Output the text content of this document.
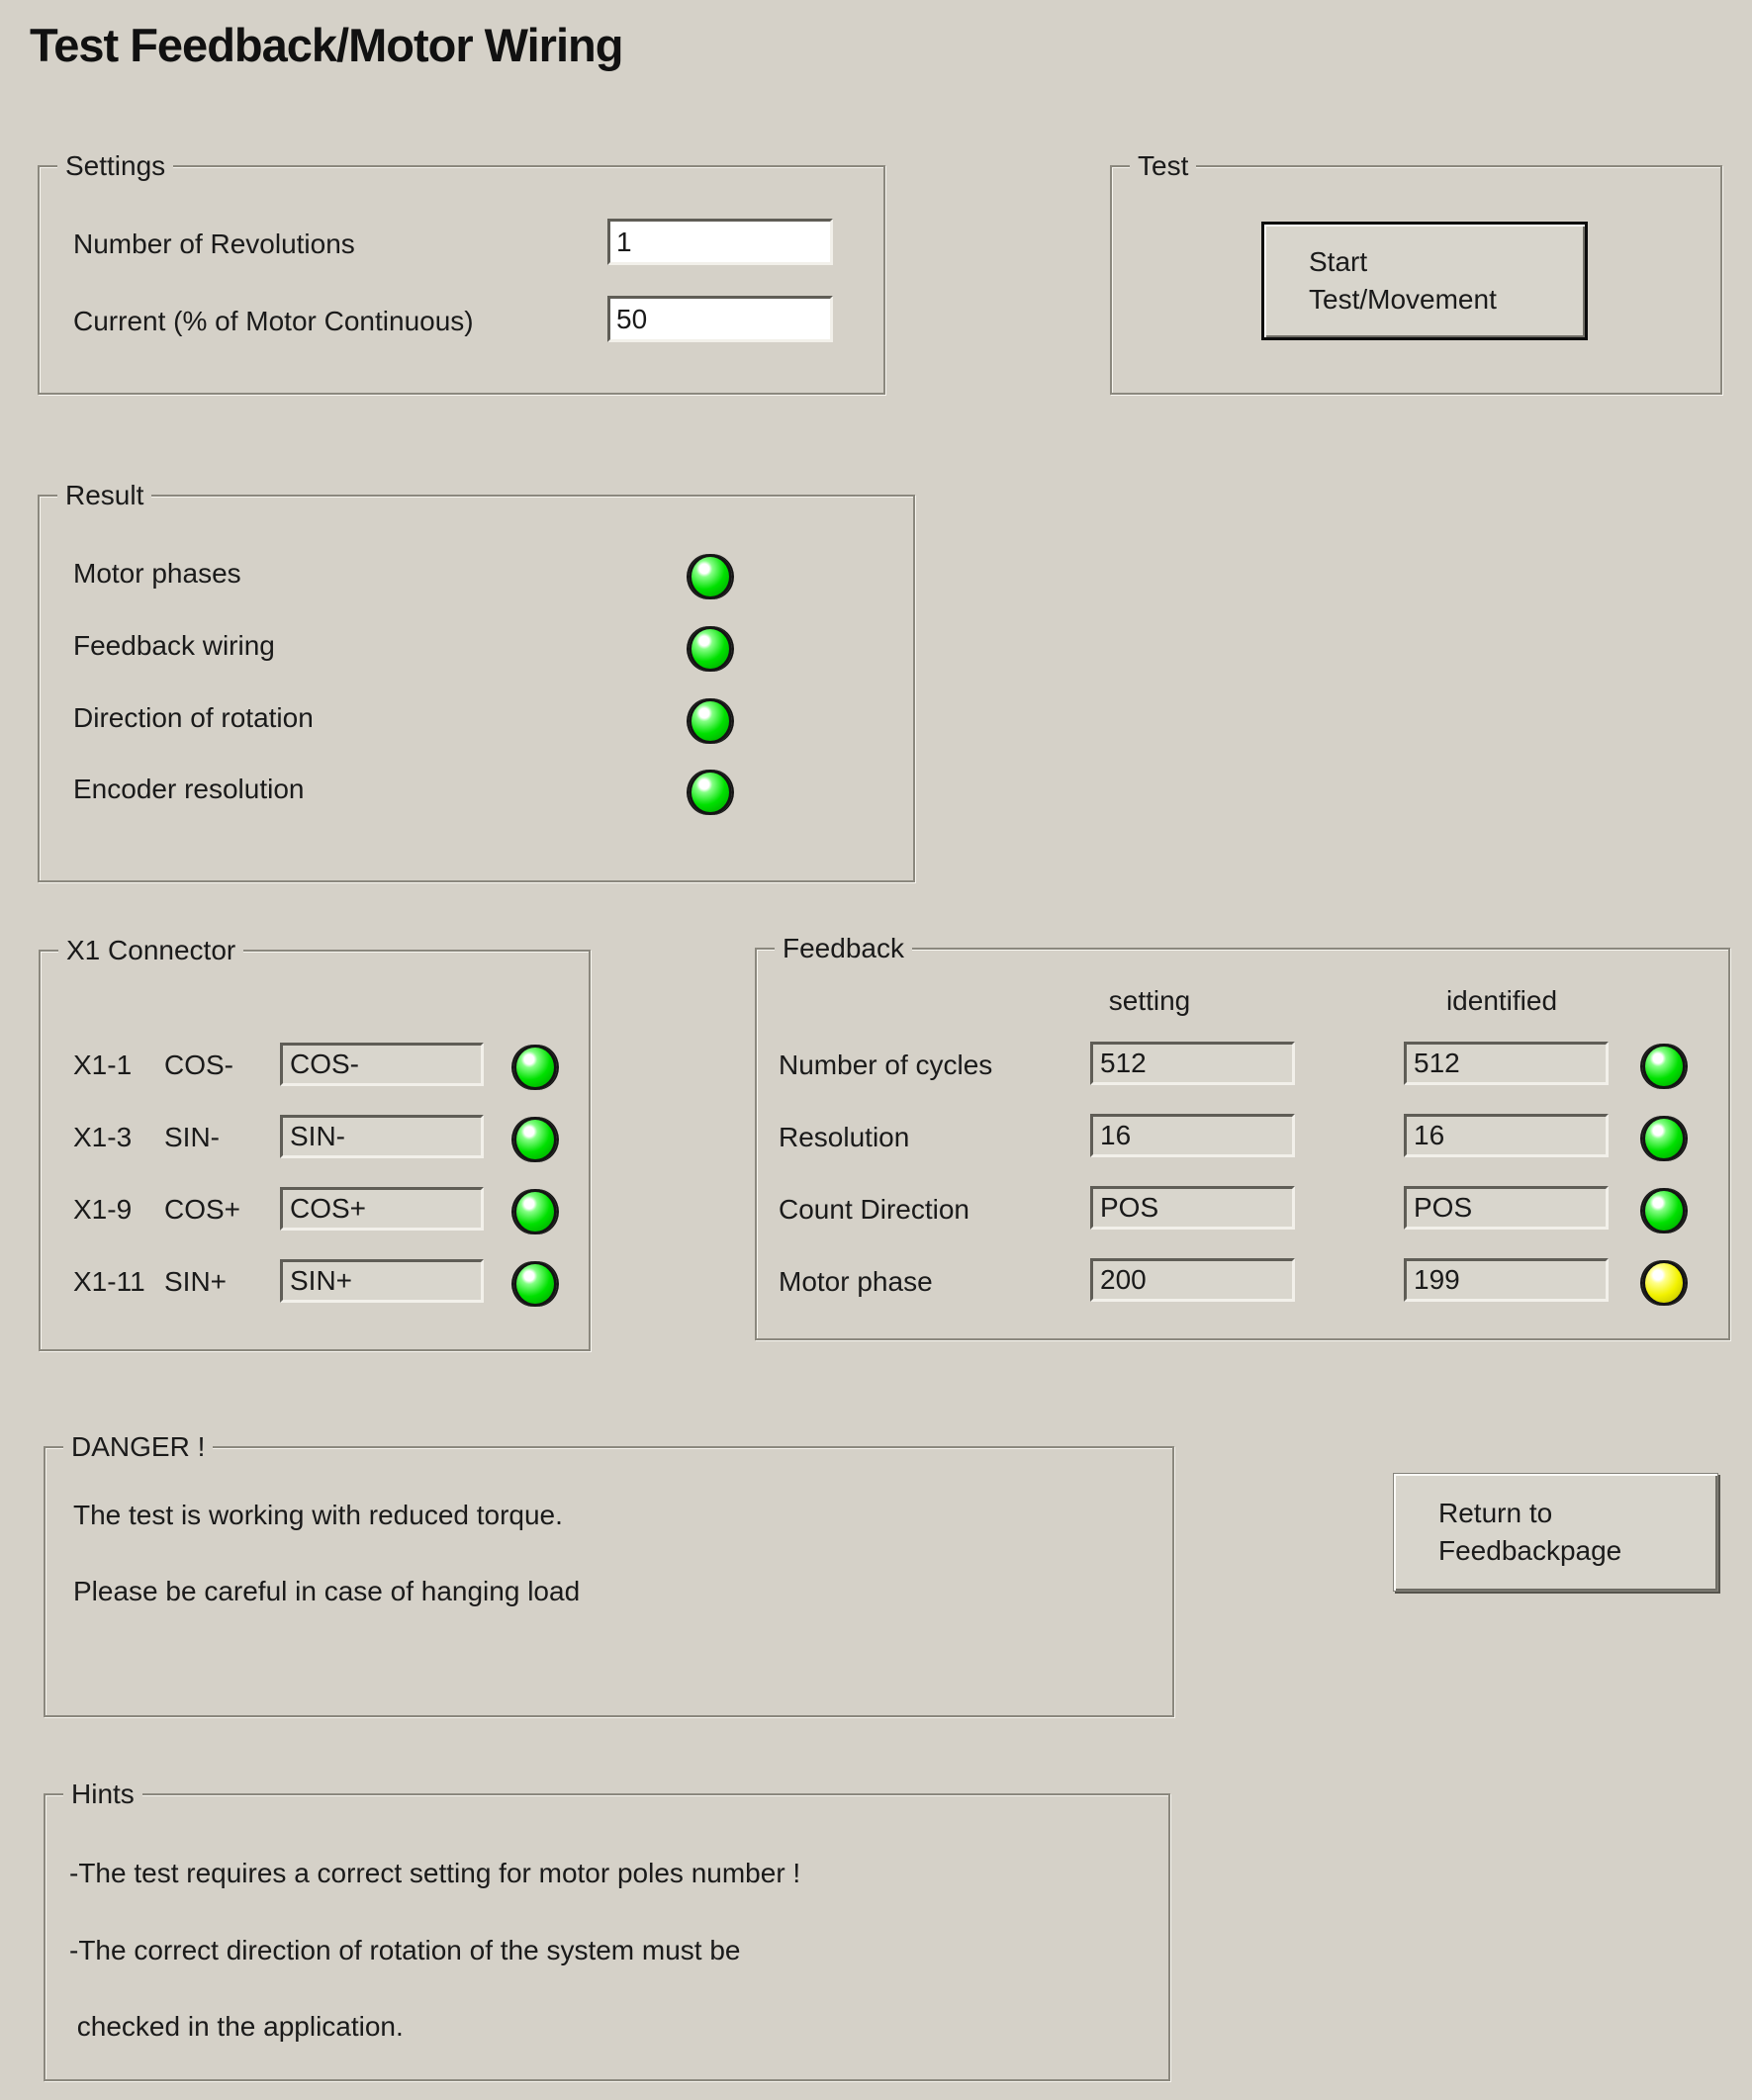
Test Feedback/Motor Wiring
Settings
Number of Revolutions
1
Current (% of Motor Continuous)
50
Test
Start
Test/Movement
Result
Motor phases
Feedback wiring
Direction of rotation
Encoder resolution
X1 Connector
X1-1 COS-	COS-
X1-3 SIN-	SIN-
X1-9 COS+	COS+
X1-11 SIN+	SIN+
Feedback
setting	identified
Number of cycles	512	512
Resolution	16	16
Count Direction	POS	POS
Motor phase	200	199
DANGER !
The test is working with reduced torque.
Please be careful in case of hanging load
Return to
Feedbackpage
Hints
-The test requires a correct setting for motor poles number !
-The correct direction of rotation of the system must be
checked in the application.
